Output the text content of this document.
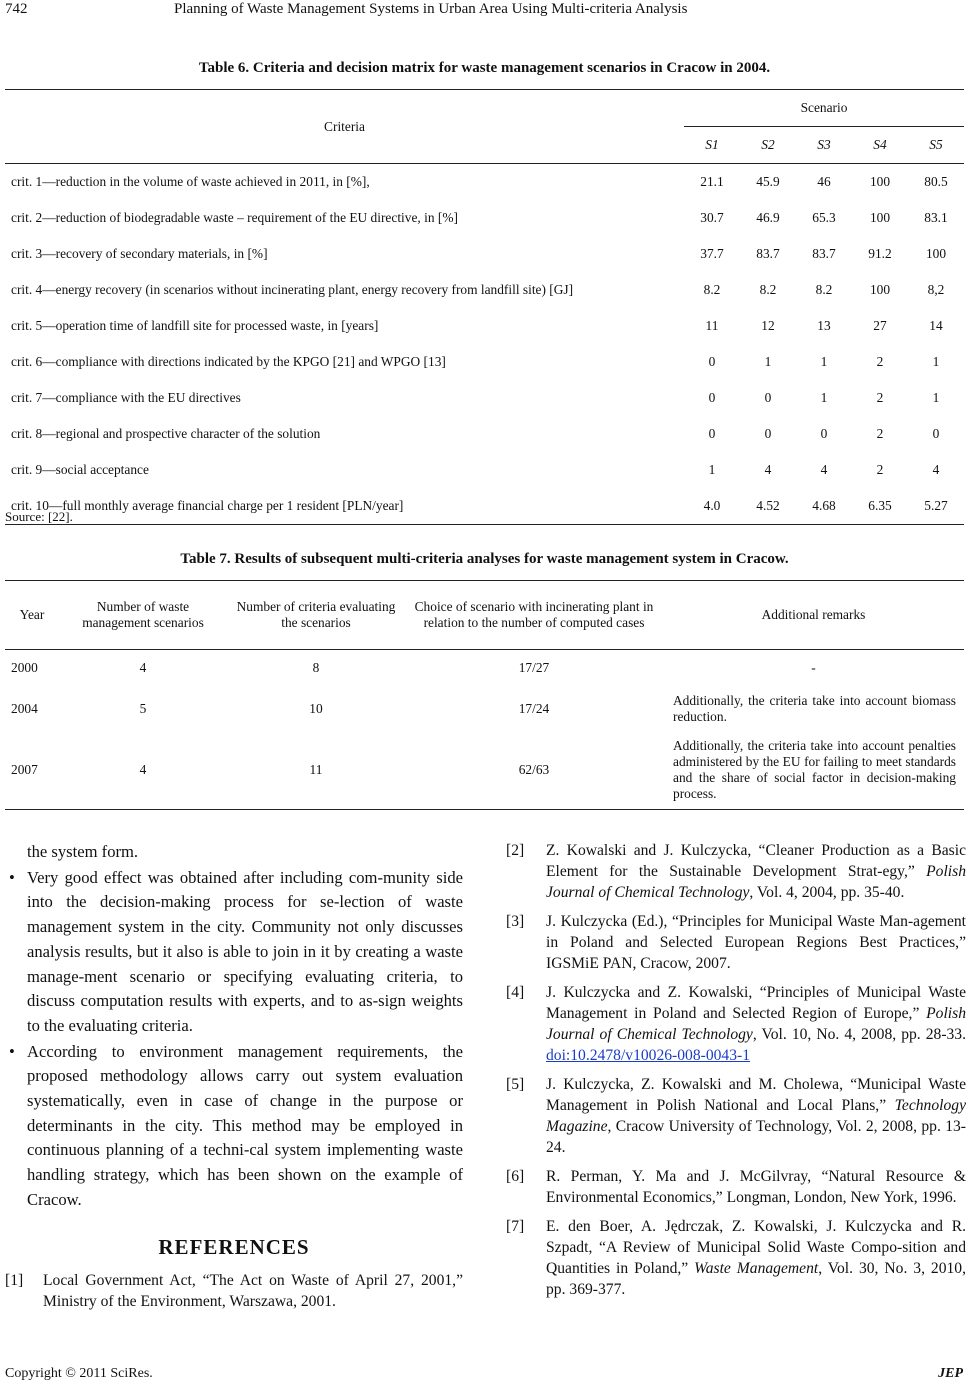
742	Planning of Waste Management Systems in Urban Area Using Multi-criteria Analysis
Table 6. Criteria and decision matrix for waste management scenarios in Cracow in 2004.
Criteria	Scenario				
	S1	S2	S3	S4	S5
crit. 1—reduction in the volume of waste achieved in 2011, in [%],	21.1	45.9	46	100	80.5
crit. 2—reduction of biodegradable waste – requirement of the EU directive, in [%]	30.7	46.9	65.3	100	83.1
crit. 3—recovery of secondary materials, in [%]	37.7	83.7	83.7	91.2	100
crit. 4—energy recovery (in scenarios without incinerating plant, energy recovery from landfill site) [GJ]	8.2	8.2	8.2	100	8,2
crit. 5—operation time of landfill site for processed waste, in [years]	11	12	13	27	14
crit. 6—compliance with directions indicated by the KPGO [21] and WPGO [13]	0	1	1	2	1
crit. 7—compliance with the EU directives	0	0	1	2	1
crit. 8—regional and prospective character of the solution	0	0	0	2	0
crit. 9—social acceptance	1	4	4	2	4
crit. 10—full monthly average financial charge per 1 resident [PLN/year]	4.0	4.52	4.68	6.35	5.27
Source: [22].
Table 7. Results of subsequent multi-criteria analyses for waste management system in Cracow.
Year	Number of waste management scenarios	Number of criteria evaluating the scenarios	Choice of scenario with incinerating plant in relation to the number of computed cases	Additional remarks
2000	4	8	17/27	-
2004	5	10	17/24	Additionally, the criteria take into account biomass reduction.
2007	4	11	62/63	Additionally, the criteria take into account penalties administered by the EU for failing to meet standards and the share of social factor in decision-making process.
the system form.
• Very good effect was obtained after including com-munity side into the decision-making process for se-lection of waste management system in the city. Community not only discusses analysis results, but it also is able to join in it by creating a waste manage-ment scenario or specifying evaluating criteria, to discuss computation results with experts, and to as-sign weights to the evaluating criteria.
• According to environment management requirements, the proposed methodology allows carry out system evaluation systematically, even in case of change in the purpose or determinants in the city. This method may be employed in continuous planning of a techni-cal system implementing waste handling strategy, which has been shown on the example of Cracow.
REFERENCES
[1] Local Government Act, “The Act on Waste of April 27, 2001,” Ministry of the Environment, Warszawa, 2001.
[2] Z. Kowalski and J. Kulczycka, “Cleaner Production as a Basic Element for the Sustainable Development Strat-egy,” Polish Journal of Chemical Technology, Vol. 4, 2004, pp. 35-40.
[3] J. Kulczycka (Ed.), “Principles for Municipal Waste Man-agement in Poland and Selected European Regions Best Practices,” IGSMiE PAN, Cracow, 2007.
[4] J. Kulczycka and Z. Kowalski, “Principles of Municipal Waste Management in Poland and Selected Region of Europe,” Polish Journal of Chemical Technology, Vol. 10, No. 4, 2008, pp. 28-33. doi:10.2478/v10026-008-0043-1
[5] J. Kulczycka, Z. Kowalski and M. Cholewa, “Municipal Waste Management in Polish National and Local Plans,” Technology Magazine, Cracow University of Technology, Vol. 2, 2008, pp. 13-24.
[6] R. Perman, Y. Ma and J. McGilvray, “Natural Resource & Environmental Economics,” Longman, London, New York, 1996.
[7] E. den Boer, A. Jędrczak, Z. Kowalski, J. Kulczycka and R. Szpadt, “A Review of Municipal Solid Waste Compo-sition and Quantities in Poland,” Waste Management, Vol. 30, No. 3, 2010, pp. 369-377.
Copyright © 2011 SciRes.	JEP
